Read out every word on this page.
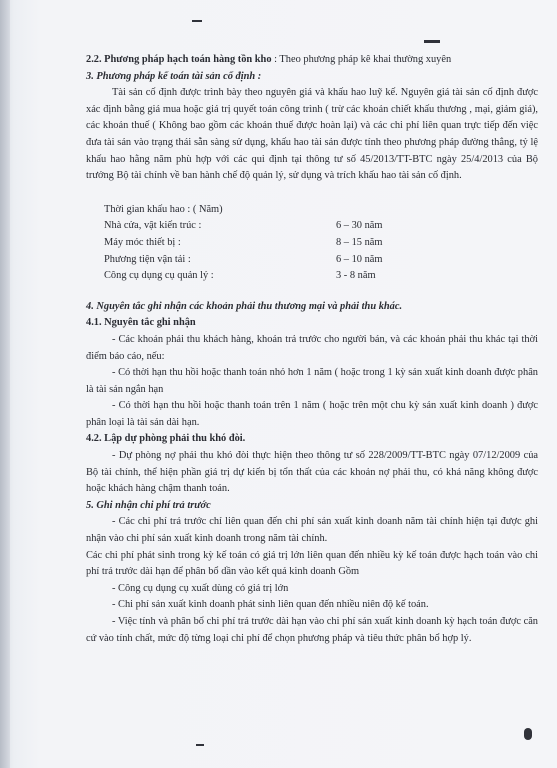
2.2. Phương pháp hạch toán hàng tồn kho : Theo phương pháp kê khai thường xuyên

3. Phương pháp kế toán tài sản cố định :

Tài sản cố định được trình bày theo nguyên giá và khấu hao luỹ kế. Nguyên giá tài sản cố định được xác định bằng giá mua hoặc giá trị quyết toán công trình ( trừ các khoản chiết khấu thương , mại, giảm giá), các khoản thuế ( Không bao gồm các khoản thuế được hoàn lại) và các chi phí liên quan trực tiếp đến việc đưa tài sản vào trạng thái sẵn sàng sử dụng, khấu hao tài sản được tính theo phương pháp đường thẳng, tỷ lệ khấu hao hằng năm phù hợp với các qui định tại thông tư số 45/2013/TT-BTC ngày 25/4/2013 của Bộ trưởng Bộ tài chính về ban hành chế độ quản lý, sử dụng và trích khấu hao tài sản cố định.

Thời gian khấu hao : ( Năm)

Nhà cửa, vật kiến trúc :	6 – 30 năm
Máy móc thiết bị :	8 – 15 năm
Phương tiện vận tải :	6 – 10 năm
Công cụ dụng cụ quản lý :	3 - 8 năm

4. Nguyên tắc ghi nhận các khoản phải thu thương mại và phải thu khác.

4.1. Nguyên tắc ghi nhận

- Các khoản phải thu khách hàng, khoản trả trước cho người bán, và các khoản phải thu khác tại thời điểm báo cáo, nếu:

- Có thời hạn thu hồi hoặc thanh toán nhỏ hơn 1 năm ( hoặc trong 1 kỳ sản xuất kinh doanh được phân là tài sản ngắn hạn

- Có thời hạn thu hồi hoặc thanh toán trên 1 năm ( hoặc trên một chu kỳ sản xuất kinh doanh ) được phân loại là tài sản dài hạn.

4.2. Lập dự phòng phải thu khó đòi.

- Dự phòng nợ phải thu khó đòi thực hiện theo thông tư số 228/2009/TT-BTC ngày 07/12/2009 của Bộ tài chính, thể hiện phần giá trị dự kiến bị tổn thất của các khoản nợ phải thu, có khả năng không được hoặc khách hàng chậm thanh toán.

5. Ghi nhận chi phí trả trước

- Các chi phí trả trước chỉ liên quan đến chi phí sản xuất kinh doanh năm tài chính hiện tại được ghi nhận vào chi phí sản xuất kinh doanh trong năm tài chính.

Các chi phí phát sinh trong kỳ kế toán có giá trị lớn liên quan đến nhiều kỳ kế toán được hạch toán vào chi phí trả trước dài hạn để phân bổ dần vào kết quả kinh doanh Gồm

- Công cụ dụng cụ xuất dùng có giá trị lớn

- Chi phí sản xuất kinh doanh phát sinh liên quan đến nhiều niên độ kế toán.

- Việc tính và phân bổ chi phí trả trước dài hạn vào chi phí sản xuất kinh doanh kỳ hạch toán được căn cứ vào tính chất, mức độ từng loại chi phí để chọn phương pháp và tiêu thức phân bổ hợp lý.
